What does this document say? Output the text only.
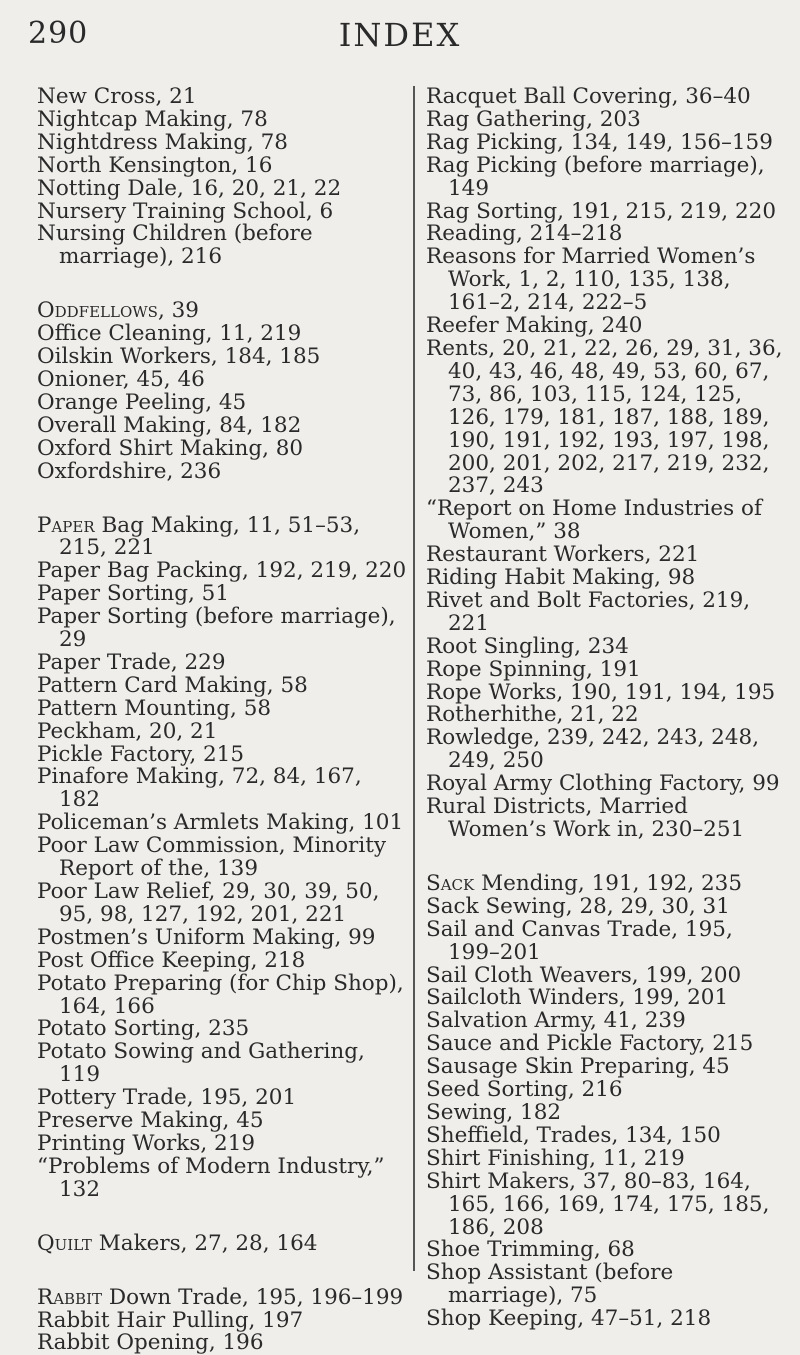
290	INDEX

New Cross, 21

Nightcap Making, 78

Nightdress Making, 78

North Kensington, 16

Notting Dale, 16, 20, 21, 22

Nursery Training School, 6

Nursing Children (before marriage), 216

Oddfellows, 39

Office Cleaning, 11, 219

Oilskin Workers, 184, 185

Onioner, 45, 46

Orange Peeling, 45

Overall Making, 84, 182

Oxford Shirt Making, 80

Oxfordshire, 236

Paper Bag Making, 11, 51–53, 215, 221

Paper Bag Packing, 192, 219, 220

Paper Sorting, 51

Paper Sorting (before marriage), 29

Paper Trade, 229

Pattern Card Making, 58

Pattern Mounting, 58

Peckham, 20, 21

Pickle Factory, 215

Pinafore Making, 72, 84, 167, 182

Policeman’s Armlets Making, 101

Poor Law Commission, Minority Report of the, 139

Poor Law Relief, 29, 30, 39, 50, 95, 98, 127, 192, 201, 221

Postmen’s Uniform Making, 99

Post Office Keeping, 218

Potato Preparing (for Chip Shop), 164, 166

Potato Sorting, 235

Potato Sowing and Gathering, 119

Pottery Trade, 195, 201

Preserve Making, 45

Printing Works, 219

“Problems of Modern Industry,” 132

Quilt Makers, 27, 28, 164

Rabbit Down Trade, 195, 196–199

Rabbit Hair Pulling, 197

Rabbit Opening, 196

Racquet Ball Covering, 36–40

Rag Gathering, 203

Rag Picking, 134, 149, 156–159

Rag Picking (before marriage), 149

Rag Sorting, 191, 215, 219, 220

Reading, 214–218

Reasons for Married Women’s Work, 1, 2, 110, 135, 138, 161–2, 214, 222–5

Reefer Making, 240

Rents, 20, 21, 22, 26, 29, 31, 36, 40, 43, 46, 48, 49, 53, 60, 67, 73, 86, 103, 115, 124, 125, 126, 179, 181, 187, 188, 189, 190, 191, 192, 193, 197, 198, 200, 201, 202, 217, 219, 232, 237, 243

“Report on Home Industries of Women,” 38

Restaurant Workers, 221

Riding Habit Making, 98

Rivet and Bolt Factories, 219, 221

Root Singling, 234

Rope Spinning, 191

Rope Works, 190, 191, 194, 195

Rotherhithe, 21, 22

Rowledge, 239, 242, 243, 248, 249, 250

Royal Army Clothing Factory, 99

Rural Districts, Married Women’s Work in, 230–251

Sack Mending, 191, 192, 235

Sack Sewing, 28, 29, 30, 31

Sail and Canvas Trade, 195, 199–201

Sail Cloth Weavers, 199, 200

Sailcloth Winders, 199, 201

Salvation Army, 41, 239

Sauce and Pickle Factory, 215

Sausage Skin Preparing, 45

Seed Sorting, 216

Sewing, 182

Sheffield, Trades, 134, 150

Shirt Finishing, 11, 219

Shirt Makers, 37, 80–83, 164, 165, 166, 169, 174, 175, 185, 186, 208

Shoe Trimming, 68

Shop Assistant (before marriage), 75

Shop Keeping, 47–51, 218
